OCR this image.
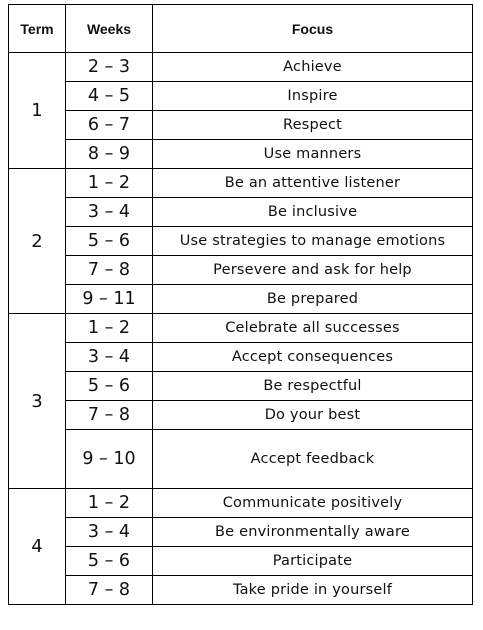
Term	Weeks	Focus
1	2 – 3	Achieve
	4 – 5	Inspire
	6 – 7	Respect
	8 – 9	Use manners
2	1 – 2	Be an attentive listener
	3 – 4	Be inclusive
	5 – 6	Use strategies to manage emotions
	7 – 8	Persevere and ask for help
	9 – 11	Be prepared
3	1 – 2	Celebrate all successes
	3 – 4	Accept consequences
	5 – 6	Be respectful
	7 – 8	Do your best
	9 – 10	Accept feedback
4	1 – 2	Communicate positively
	3 – 4	Be environmentally aware
	5 – 6	Participate
	7 – 8	Take pride in yourself
